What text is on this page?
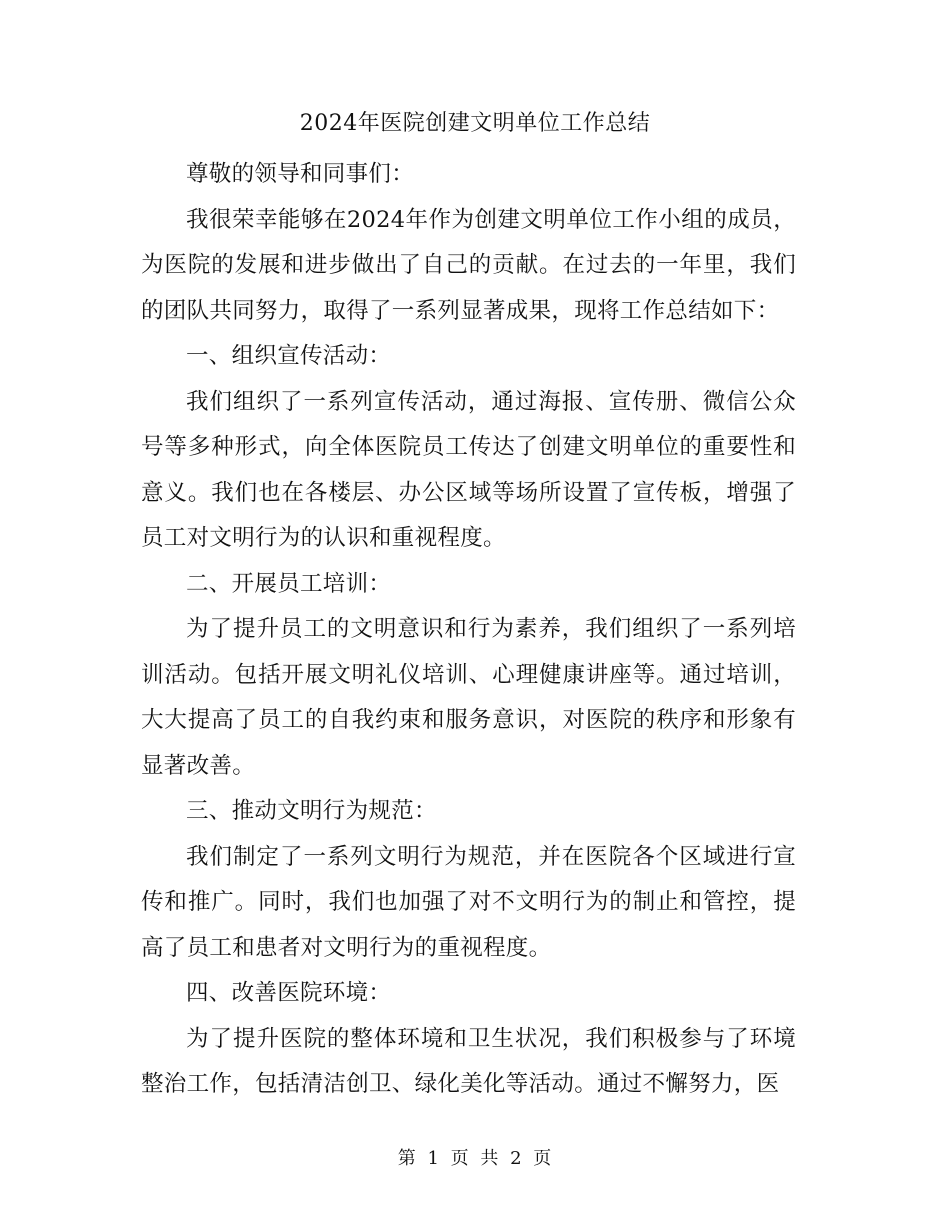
2024年医院创建文明单位工作总结

尊敬的领导和同事们：

我很荣幸能够在2024年作为创建文明单位工作小组的成员，为医院的发展和进步做出了自己的贡献。在过去的一年里，我们的团队共同努力，取得了一系列显著成果，现将工作总结如下：

一、组织宣传活动：

我们组织了一系列宣传活动，通过海报、宣传册、微信公众号等多种形式，向全体医院员工传达了创建文明单位的重要性和意义。我们也在各楼层、办公区域等场所设置了宣传板，增强了员工对文明行为的认识和重视程度。

二、开展员工培训：

为了提升员工的文明意识和行为素养，我们组织了一系列培训活动。包括开展文明礼仪培训、心理健康讲座等。通过培训，大大提高了员工的自我约束和服务意识，对医院的秩序和形象有显著改善。

三、推动文明行为规范：

我们制定了一系列文明行为规范，并在医院各个区域进行宣传和推广。同时，我们也加强了对不文明行为的制止和管控，提高了员工和患者对文明行为的重视程度。

四、改善医院环境：

为了提升医院的整体环境和卫生状况，我们积极参与了环境整治工作，包括清洁创卫、绿化美化等活动。通过不懈努力，医

第 1 页 共 2 页
